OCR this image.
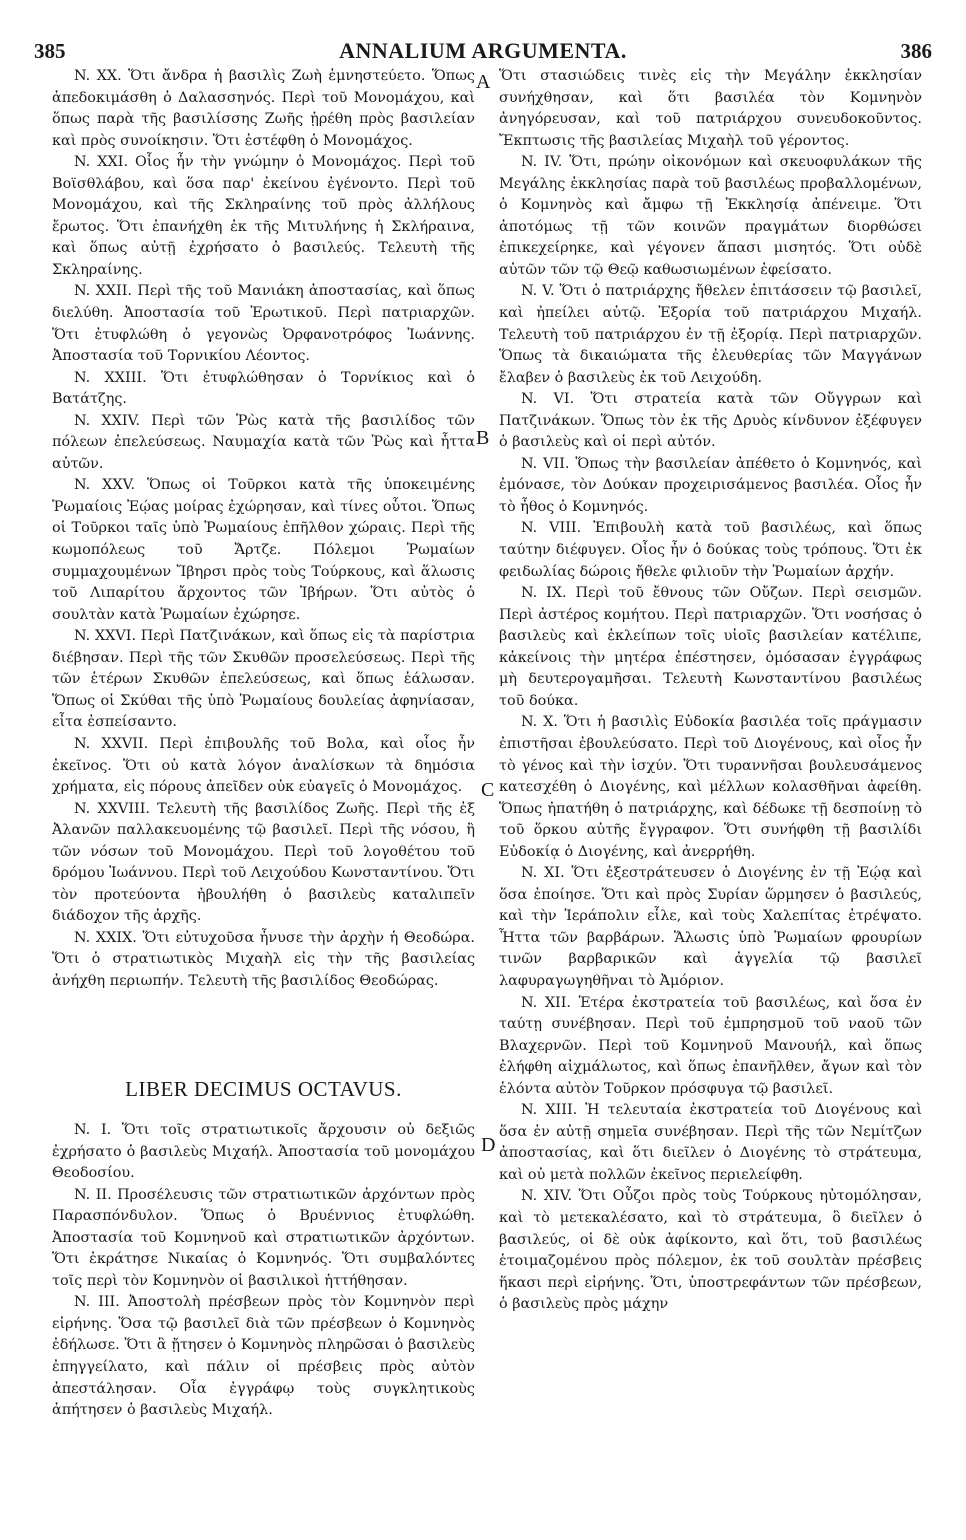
385	ANNALIUM ARGUMENTA.	386

N. XX. Ὅτι ἄνδρα ἡ βασιλὶς Ζωὴ ἐμνηστεύετο. Ὅπως ἀπεδοκιμάσθη ὁ Δαλασσηνός. Περὶ τοῦ Μονομάχου, καὶ ὅπως παρὰ τῆς βασιλίσσης Ζωῆς ᾑρέθη πρὸς βασιλείαν καὶ πρὸς συνοίκησιν. Ὅτι ἐστέφθη ὁ Μονομάχος.

N. XXI. Οἷος ἦν τὴν γνώμην ὁ Μονομάχος. Περὶ τοῦ Βοϊσθλάβου, καὶ ὅσα παρ' ἐκείνου ἐγένοντο. Περὶ τοῦ Μονομάχου, καὶ τῆς Σκληραίνης τοῦ πρὸς ἀλλήλους ἔρωτος. Ὅτι ἐπανήχθη ἐκ τῆς Μιτυλήνης ἡ Σκλήραινα, καὶ ὅπως αὐτῇ ἐχρήσατο ὁ βασιλεύς. Τελευτὴ τῆς Σκληραίνης.

N. XXII. Περὶ τῆς τοῦ Μανιάκη ἀποστασίας, καὶ ὅπως διελύθη. Ἀποστασία τοῦ Ἐρωτικοῦ. Περὶ πατριαρχῶν. Ὅτι ἐτυφλώθη ὁ γεγονὼς Ὀρφανοτρόφος Ἰωάννης. Ἀποστασία τοῦ Τορνικίου Λέοντος.

N. XXIII. Ὅτι ἐτυφλώθησαν ὁ Τορνίκιος καὶ ὁ Βατάτζης.

N. XXIV. Περὶ τῶν Ῥὼς κατὰ τῆς βασιλίδος τῶν πόλεων ἐπελεύσεως. Ναυμαχία κατὰ τῶν Ῥὼς καὶ ἧττα αὐτῶν.

N. XXV. Ὅπως οἱ Τοῦρκοι κατὰ τῆς ὑποκειμένης Ῥωμαίοις Ἐῴας μοίρας ἐχώρησαν, καὶ τίνες οὗτοι. Ὅπως οἱ Τοῦρκοι ταῖς ὑπὸ Ῥωμαίους ἐπῆλθον χώραις. Περὶ τῆς κωμοπόλεως τοῦ Ἄρτζε. Πόλεμοι Ῥωμαίων συμμαχουμένων Ἴβηρσι πρὸς τοὺς Τούρκους, καὶ ἅλωσις τοῦ Λιπαρίτου ἄρχοντος τῶν Ἰβήρων. Ὅτι αὐτὸς ὁ σουλτὰν κατὰ Ῥωμαίων ἐχώρησε.

N. XXVI. Περὶ Πατζινάκων, καὶ ὅπως εἰς τὰ παρίστρια διέβησαν. Περὶ τῆς τῶν Σκυθῶν προσελεύσεως. Περὶ τῆς τῶν ἑτέρων Σκυθῶν ἐπελεύσεως, καὶ ὅπως ἑάλωσαν. Ὅπως οἱ Σκύθαι τῆς ὑπὸ Ῥωμαίους δουλείας ἀφηνίασαν, εἶτα ἐσπείσαντο.

N. XXVII. Περὶ ἐπιβουλῆς τοῦ Βολα, καὶ οἷος ἦν ἐκεῖνος. Ὅτι οὐ κατὰ λόγον ἀναλίσκων τὰ δημόσια χρήματα, εἰς πόρους ἀπεῖδεν οὐκ εὐαγεῖς ὁ Μονομάχος.

N. XXVIII. Τελευτὴ τῆς βασιλίδος Ζωῆς. Περὶ τῆς ἐξ Ἀλανῶν παλλακευομένης τῷ βασιλεῖ. Περὶ τῆς νόσου, ἢ τῶν νόσων τοῦ Μονομάχου. Περὶ τοῦ λογοθέτου τοῦ δρόμου Ἰωάννου. Περὶ τοῦ Λειχούδου Κωνσταντίνου. Ὅτι τὸν προτεύοντα ἠβουλήθη ὁ βασιλεὺς καταλιπεῖν διάδοχον τῆς ἀρχῆς.

N. XXIX. Ὅτι εὐτυχοῦσα ἦνυσε τὴν ἀρχὴν ἡ Θεοδώρα. Ὅτι ὁ στρατιωτικὸς Μιχαὴλ εἰς τὴν τῆς βασιλείας ἀνήχθη περιωπήν. Τελευτὴ τῆς βασιλίδος Θεοδώρας.

LIBER DECIMUS OCTAVUS.

N. I. Ὅτι τοῖς στρατιωτικοῖς ἄρχουσιν οὐ δεξιῶς ἐχρήσατο ὁ βασιλεὺς Μιχαήλ. Ἀποστασία τοῦ μονομάχου Θεοδοσίου.

N. II. Προσέλευσις τῶν στρατιωτικῶν ἀρχόντων πρὸς Παρασπόνδυλον. Ὅπως ὁ Βρυέννιος ἐτυφλώθη. Ἀποστασία τοῦ Κομνηνοῦ καὶ στρατιωτικῶν ἀρχόντων. Ὅτι ἐκράτησε Νικαίας ὁ Κομνηνός. Ὅτι συμβαλόντες τοῖς περὶ τὸν Κομνηνὸν οἱ βασιλικοὶ ἡττήθησαν.

N. III. Ἀποστολὴ πρέσβεων πρὸς τὸν Κομνηνὸν περὶ εἰρήνης. Ὅσα τῷ βασιλεῖ διὰ τῶν πρέσβεων ὁ Κομνηνὸς ἐδήλωσε. Ὅτι ἃ ᾔτησεν ὁ Κομνηνὸς πληρῶσαι ὁ βασιλεὺς ἐπηγγείλατο, καὶ πάλιν οἱ πρέσβεις πρὸς αὐτὸν ἀπεστάλησαν. Οἷα ἐγγράφῳ τοὺς συγκλητικοὺς ἀπήτησεν ὁ βασιλεὺς Μιχαήλ.

Ὅτι στασιώδεις τινὲς εἰς τὴν Μεγάλην ἐκκλησίαν συνήχθησαν, καὶ ὅτι βασιλέα τὸν Κομνηνὸν ἀνηγόρευσαν, καὶ τοῦ πατριάρχου συνευδοκοῦντος. Ἔκπτωσις τῆς βασιλείας Μιχαὴλ τοῦ γέροντος.

N. IV. Ὅτι, πρώην οἰκονόμων καὶ σκευοφυλάκων τῆς Μεγάλης ἐκκλησίας παρὰ τοῦ βασιλέως προβαλλομένων, ὁ Κομνηνὸς καὶ ἄμφω τῇ Ἐκκλησίᾳ ἀπένειμε. Ὅτι ἀποτόμως τῇ τῶν κοινῶν πραγμάτων διορθώσει ἐπικεχείρηκε, καὶ γέγονεν ἅπασι μισητός. Ὅτι οὐδὲ αὐτῶν τῶν τῷ Θεῷ καθωσιωμένων ἐφείσατο.

N. V. Ὅτι ὁ πατριάρχης ἤθελεν ἐπιτάσσειν τῷ βασιλεῖ, καὶ ἠπείλει αὐτῷ. Ἐξορία τοῦ πατριάρχου Μιχαήλ. Τελευτὴ τοῦ πατριάρχου ἐν τῇ ἐξορίᾳ. Περὶ πατριαρχῶν. Ὅπως τὰ δικαιώματα τῆς ἐλευθερίας τῶν Μαγγάνων ἔλαβεν ὁ βασιλεὺς ἐκ τοῦ Λειχούδη.

N. VI. Ὅτι στρατεία κατὰ τῶν Οὔγγρων καὶ Πατζινάκων. Ὅπως τὸν ἐκ τῆς Δρυὸς κίνδυνον ἐξέφυγεν ὁ βασιλεὺς καὶ οἱ περὶ αὐτόν.

N. VII. Ὅπως τὴν βασιλείαν ἀπέθετο ὁ Κομνηνός, καὶ ἐμόνασε, τὸν Δούκαν προχειρισάμενος βασιλέα. Οἷος ἦν τὸ ἦθος ὁ Κομνηνός.

N. VIII. Ἐπιβουλὴ κατὰ τοῦ βασιλέως, καὶ ὅπως ταύτην διέφυγεν. Οἷος ἦν ὁ δούκας τοὺς τρόπους. Ὅτι ἐκ φειδωλίας δώροις ἤθελε φιλιοῦν τὴν Ῥωμαίων ἀρχήν.

N. IX. Περὶ τοῦ ἔθνους τῶν Οὔζων. Περὶ σεισμῶν. Περὶ ἀστέρος κομήτου. Περὶ πατριαρχῶν. Ὅτι νοσήσας ὁ βασιλεὺς καὶ ἐκλείπων τοῖς υἱοῖς βασιλείαν κατέλιπε, κἀκείνοις τὴν μητέρα ἐπέστησεν, ὀμόσασαν ἐγγράφως μὴ δευτερογαμῆσαι. Τελευτὴ Κωνσταντίνου βασιλέως τοῦ δούκα.

N. X. Ὅτι ἡ βασιλὶς Εὐδοκία βασιλέα τοῖς πράγμασιν ἐπιστῆσαι ἐβουλεύσατο. Περὶ τοῦ Διογένους, καὶ οἷος ἦν τὸ γένος καὶ τὴν ἰσχύν. Ὅτι τυραννῆσαι βουλευσάμενος κατεσχέθη ὁ Διογένης, καὶ μέλλων κολασθῆναι ἀφείθη. Ὅπως ἠπατήθη ὁ πατριάρχης, καὶ δέδωκε τῇ δεσποίνῃ τὸ τοῦ ὅρκου αὐτῆς ἔγγραφον. Ὅτι συνήφθη τῇ βασιλίδι Εὐδοκίᾳ ὁ Διογένης, καὶ ἀνερρήθη.

N. XI. Ὅτι ἐξεστράτευσεν ὁ Διογένης ἐν τῇ Ἐῴᾳ καὶ ὅσα ἐποίησε. Ὅτι καὶ πρὸς Συρίαν ὥρμησεν ὁ βασιλεύς, καὶ τὴν Ἱεράπολιν εἷλε, καὶ τοὺς Χαλεπίτας ἐτρέψατο. Ἧττα τῶν βαρβάρων. Ἅλωσις ὑπὸ Ῥωμαίων φρουρίων τινῶν βαρβαρικῶν καὶ ἀγγελία τῷ βασιλεῖ λαφυραγωγηθῆναι τὸ Ἀμόριον.

N. XII. Ἑτέρα ἐκστρατεία τοῦ βασιλέως, καὶ ὅσα ἐν ταύτῃ συνέβησαν. Περὶ τοῦ ἐμπρησμοῦ τοῦ ναοῦ τῶν Βλαχερνῶν. Περὶ τοῦ Κομνηνοῦ Μανουήλ, καὶ ὅπως ἐλήφθη αἰχμάλωτος, καὶ ὅπως ἐπανῆλθεν, ἄγων καὶ τὸν ἑλόντα αὐτὸν Τοῦρκον πρόσφυγα τῷ βασιλεῖ.

N. XIII. Ἡ τελευταία ἐκστρατεία τοῦ Διογένους καὶ ὅσα ἐν αὐτῇ σημεῖα συνέβησαν. Περὶ τῆς τῶν Νεμίτζων ἀποστασίας, καὶ ὅτι διεῖλεν ὁ Διογένης τὸ στράτευμα, καὶ οὐ μετὰ πολλῶν ἐκεῖνος περιελείφθη.

N. XIV. Ὅτι Οὖζοι πρὸς τοὺς Τούρκους ηὐτομόλησαν, καὶ τὸ μετεκαλέσατο, καὶ τὸ στράτευμα, ὃ διεῖλεν ὁ βασιλεύς, οἱ δὲ οὐκ ἀφίκοντο, καὶ ὅτι, τοῦ βασιλέως ἑτοιμαζομένου πρὸς πόλεμον, ἐκ τοῦ σουλτὰν πρέσβεις ἥκασι περὶ εἰρήνης. Ὅτι, ὑποστρεφάντων τῶν πρέσβεων, ὁ βασιλεὺς πρὸς μάχην

A
B
C
D
